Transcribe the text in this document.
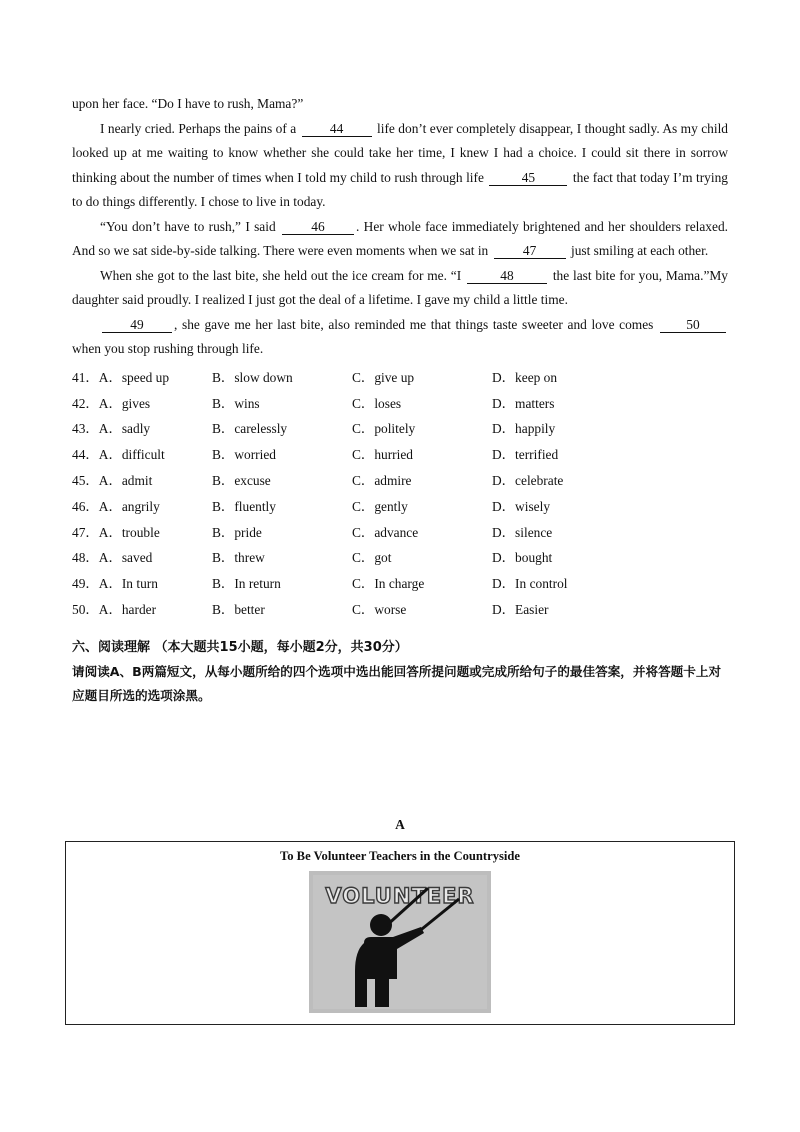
upon her face. “Do I have to rush, Mama?”

I nearly cried. Perhaps the pains of a	44	life don’t ever completely disappear, I thought sadly. As my child looked up at me waiting to know whether she could take her time, I knew I had a choice. I could sit there in sorrow thinking about the number of times when I told my child to rush through life	45	the fact that today I’m trying to do things differently. I chose to live in today.

“You don’t have to rush,” I said	46 . Her whole face immediately brightened and her shoulders relaxed. And so we sat side-by-side talking. There were even moments when we sat in	47	just smiling at each other.

When she got to the last bite, she held out the ice cream for me. “I	48	the last bite for you, Mama.”My daughter said proudly. I realized I just got the deal of a lifetime. I gave my child a little time.

49 , she gave me her last bite, also reminded me that things taste sweeter and love comes 50 when you stop rushing through life.

41．A．speed up	B．slow down	C．give up	D．keep on
42．A．gives	B．wins	C．loses	D．matters
43．A．sadly	B．carelessly	C．politely	D．happily
44．A．difficult	B．worried	C．hurried	D．terrified
45．A．admit	B．excuse	C．admire	D．celebrate
46．A．angrily	B．fluently	C．gently	D．wisely
47．A．trouble	B．pride	C．advance	D．silence
48．A．saved	B．threw	C．got	D．bought
49．A．In turn	B．In return	C．In charge	D．In control
50．A．harder	B．better	C．worse	D．Easier
六、阅读理解 （本大题共15小题，每小题2分，共30分）
请阅读A、B两篇短文，从每小题所给的四个选项中选出能回答所提问题或完成所给句子的最佳答案，并将答题卡上对应题目所选的选项涂黑。
A
To Be Volunteer Teachers in the Countryside
VOLUNTEER
